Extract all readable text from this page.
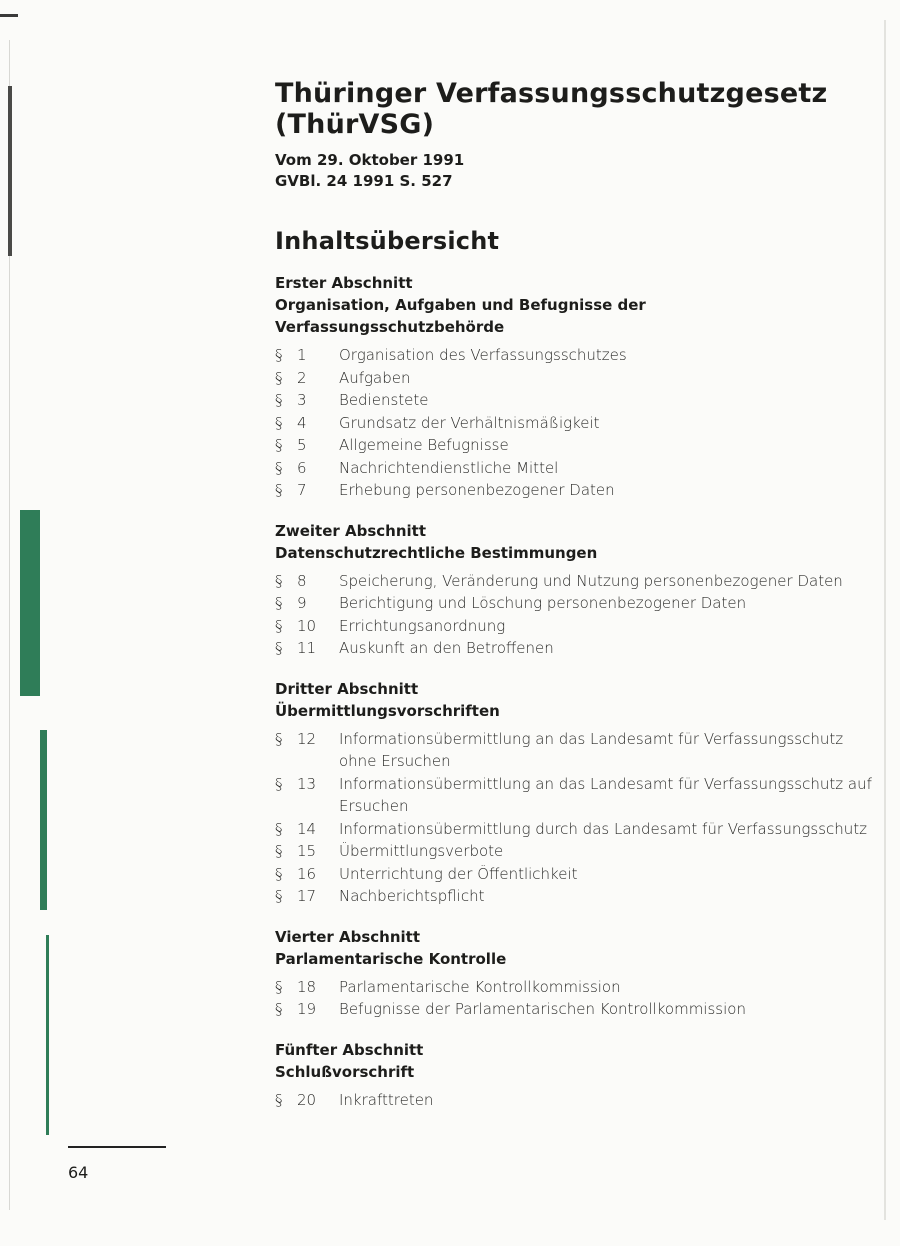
Thüringer Verfassungsschutzgesetz
(ThürVSG)
Vom 29. Oktober 1991
GVBl. 24 1991 S. 527
Inhaltsübersicht
Erster Abschnitt
Organisation, Aufgaben und Befugnisse der Verfassungsschutzbehörde
§ 1	Organisation des Verfassungsschutzes
§ 2	Aufgaben
§ 3	Bedienstete
§ 4	Grundsatz der Verhältnismäßigkeit
§ 5	Allgemeine Befugnisse
§ 6	Nachrichtendienstliche Mittel
§ 7	Erhebung personenbezogener Daten
Zweiter Abschnitt
Datenschutzrechtliche Bestimmungen
§ 8	Speicherung, Veränderung und Nutzung personenbezogener Daten
§ 9	Berichtigung und Löschung personenbezogener Daten
§ 10	Errichtungsanordnung
§ 11	Auskunft an den Betroffenen
Dritter Abschnitt
Übermittlungsvorschriften
§ 12	Informationsübermittlung an das Landesamt für Verfassungsschutz ohne Ersuchen
§ 13	Informationsübermittlung an das Landesamt für Verfassungsschutz auf Ersuchen
§ 14	Informationsübermittlung durch das Landesamt für Verfassungsschutz
§ 15	Übermittlungsverbote
§ 16	Unterrichtung der Öffentlichkeit
§ 17	Nachberichtspflicht
Vierter Abschnitt
Parlamentarische Kontrolle
§ 18	Parlamentarische Kontrollkommission
§ 19	Befugnisse der Parlamentarischen Kontrollkommission
Fünfter Abschnitt
Schlußvorschrift
§ 20	Inkrafttreten
64
